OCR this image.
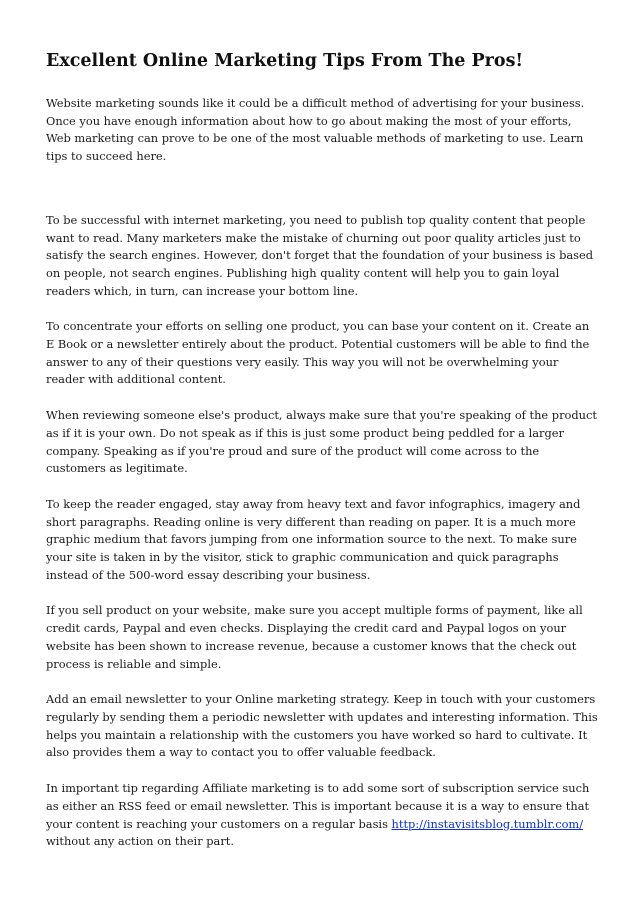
Excellent Online Marketing Tips From The Pros!

Website marketing sounds like it could be a difficult method of advertising for your business. Once you have enough information about how to go about making the most of your efforts, Web marketing can prove to be one of the most valuable methods of marketing to use. Learn tips to succeed here.

To be successful with internet marketing, you need to publish top quality content that people want to read. Many marketers make the mistake of churning out poor quality articles just to satisfy the search engines. However, don't forget that the foundation of your business is based on people, not search engines. Publishing high quality content will help you to gain loyal readers which, in turn, can increase your bottom line.

To concentrate your efforts on selling one product, you can base your content on it. Create an E Book or a newsletter entirely about the product. Potential customers will be able to find the answer to any of their questions very easily. This way you will not be overwhelming your reader with additional content.

When reviewing someone else's product, always make sure that you're speaking of the product as if it is your own. Do not speak as if this is just some product being peddled for a larger company. Speaking as if you're proud and sure of the product will come across to the customers as legitimate.

To keep the reader engaged, stay away from heavy text and favor infographics, imagery and short paragraphs. Reading online is very different than reading on paper. It is a much more graphic medium that favors jumping from one information source to the next. To make sure your site is taken in by the visitor, stick to graphic communication and quick paragraphs instead of the 500-word essay describing your business.

If you sell product on your website, make sure you accept multiple forms of payment, like all credit cards, Paypal and even checks. Displaying the credit card and Paypal logos on your website has been shown to increase revenue, because a customer knows that the check out process is reliable and simple.

Add an email newsletter to your Online marketing strategy. Keep in touch with your customers regularly by sending them a periodic newsletter with updates and interesting information. This helps you maintain a relationship with the customers you have worked so hard to cultivate. It also provides them a way to contact you to offer valuable feedback.

In important tip regarding Affiliate marketing is to add some sort of subscription service such as either an RSS feed or email newsletter. This is important because it is a way to ensure that your content is reaching your customers on a regular basis http://instavisitsblog.tumblr.com/ without any action on their part.
